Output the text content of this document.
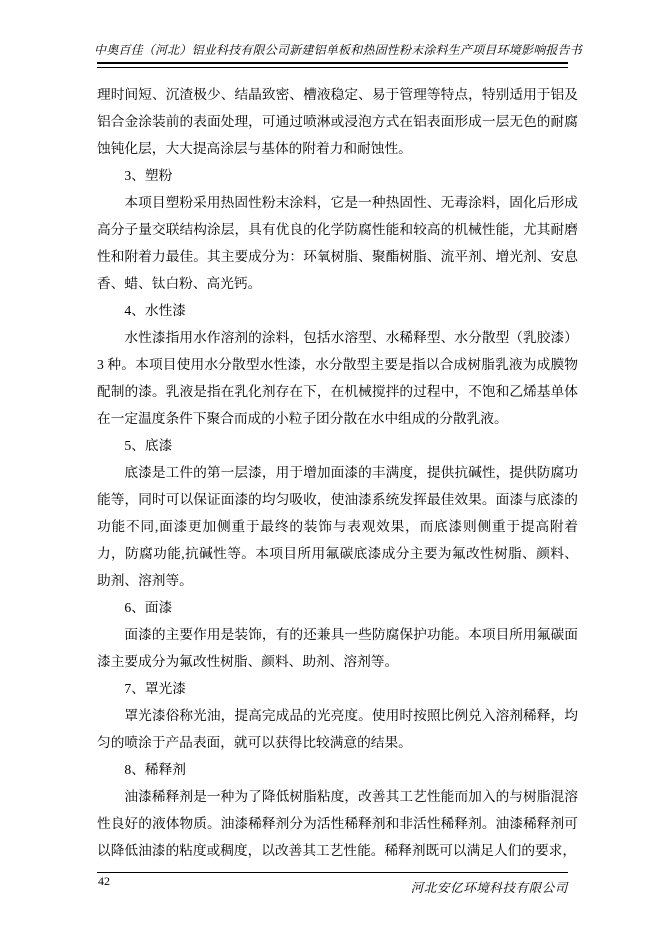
中奥百佳（河北）铝业科技有限公司新建铝单板和热固性粉末涂料生产项目环境影响报告书

理时间短、沉渣极少、结晶致密、槽液稳定、易于管理等特点，特别适用于铝及铝合金涂装前的表面处理，可通过喷淋或浸泡方式在铝表面形成一层无色的耐腐蚀钝化层，大大提高涂层与基体的附着力和耐蚀性。

3、塑粉

本项目塑粉采用热固性粉末涂料，它是一种热固性、无毒涂料，固化后形成高分子量交联结构涂层，具有优良的化学防腐性能和较高的机械性能，尤其耐磨性和附着力最佳。其主要成分为：环氧树脂、聚酯树脂、流平剂、增光剂、安息香、蜡、钛白粉、高光钙。

4、水性漆

水性漆指用水作溶剂的涂料，包括水溶型、水稀释型、水分散型（乳胶漆）3 种。本项目使用水分散型水性漆，水分散型主要是指以合成树脂乳液为成膜物配制的漆。乳液是指在乳化剂存在下，在机械搅拌的过程中，不饱和乙烯基单体在一定温度条件下聚合而成的小粒子团分散在水中组成的分散乳液。

5、底漆

底漆是工件的第一层漆，用于增加面漆的丰满度，提供抗碱性，提供防腐功能等，同时可以保证面漆的均匀吸收，使油漆系统发挥最佳效果。面漆与底漆的功能不同,面漆更加侧重于最终的装饰与表观效果，而底漆则侧重于提高附着力，防腐功能,抗碱性等。本项目所用氟碳底漆成分主要为氟改性树脂、颜料、助剂、溶剂等。

6、面漆

面漆的主要作用是装饰，有的还兼具一些防腐保护功能。本项目所用氟碳面漆主要成分为氟改性树脂、颜料、助剂、溶剂等。

7、罩光漆

罩光漆俗称光油，提高完成品的光亮度。使用时按照比例兑入溶剂稀释，均匀的喷涂于产品表面，就可以获得比较满意的结果。

8、稀释剂

油漆稀释剂是一种为了降低树脂粘度，改善其工艺性能而加入的与树脂混溶性良好的液体物质。油漆稀释剂分为活性稀释剂和非活性稀释剂。油漆稀释剂可以降低油漆的粘度或稠度，以改善其工艺性能。稀释剂既可以满足人们的要求，

42	河北安亿环境科技有限公司
